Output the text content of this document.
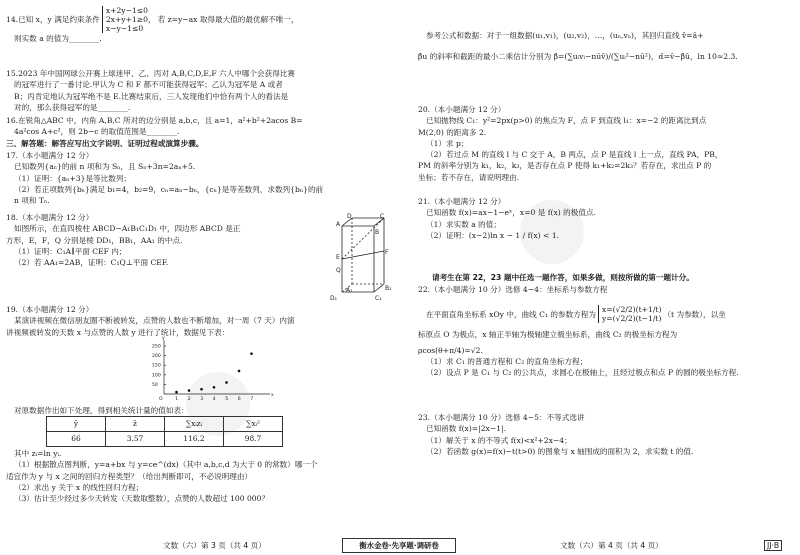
14.已知 x，y 满足约束条件
x+2y−1≤0
2x+y+1≥0，
x−y−1≤0
若 z=y−ax 取得最大值的最优解不唯一，
则实数 a 的值为________.
15.2023 年中国网球公开赛上球迷甲、乙、丙对 A,B,C,D,E,F 六人中哪个会获得比赛
的冠军进行了一番讨论.甲认为 C 和 F 都不可能获得冠军；乙认为冠军是 A 或者
B；丙肯定地认为冠军绝不是 E.比赛结束后，三人发现他们中恰有两个人的看法是
对的，那么获得冠军的是________.
16.在锐角△ABC 中，内角 A,B,C 所对的边分别是 a,b,c，且 a=1，a²+b²+2acos B=
4a²cos A+c²，则 2b−c 的取值范围是________.
三、解答题：解答应写出文字说明、证明过程或演算步骤。
17.（本小题满分 12 分）
已知数列{aₙ}的前 n 项和为 Sₙ，且 Sₙ+3n=2aₙ+5.
（1）证明：{aₙ+3}是等比数列；
（2）若正项数列{bₙ}满足 b₁=4，b₂=9，cₙ=aₙ−bₙ，{cₙ}是等差数列，求数列{bₙ}的前
n 项和 Tₙ.
18.（本小题满分 12 分）
如图所示，在直四棱柱 ABCD−A₁B₁C₁D₁ 中，四边形 ABCD 是正
方形，E，F，Q 分别是棱 DD₁，BB₁，AA₁ 的中点.
（1）证明：C₁A∥平面 CEF 内；
（2）若 AA₁=2AB，证明：C₁Q⊥平面 CEF.
C
B
D
A
E
F
Q
D₁	C₁
A₁	B₁
19.（本小题满分 12 分）
某演讲视频在微信朋友圈不断被转发，点赞的人数也不断增加，对一周（7 天）内演
讲视频被转发的天数 x 与点赞的人数 y 进行了统计，数据见下表：
250
200
150
100
50
1 2 3 4 5 6 7
O
x
y
对原数据作出如下处理，得到相关统计量的值如表：
ȳ	z̄	∑xᵢzᵢ	∑xᵢ²
66	3.57	116.2	98.7
其中 zᵢ=ln yᵢ.
（1）根据散点图判断，y=a+bx 与 y=ce^(dx)（其中 a,b,c,d 为大于 0 的常数）哪一个
适宜作为 y 与 x 之间的回归方程类型？（给出判断即可，不必说明理由）
（2）求出 y 关于 x 的线性回归方程；
（3）估计至少经过多少天转发（天数取整数），点赞的人数超过 100 000？
文数（六）第 3 页（共 4 页）	衡水金卷·先享题·调研卷	文数（六）第 4 页（共 4 页）	JJ·B
参考公式和数据：对于一组数据(u₁,v₁)，(u₂,v₂)，…，(uₙ,vₙ)，其回归直线 v̂=â+
β̂u 的斜率和截距的最小二乘估计分别为 β̂=(∑uᵢvᵢ−nūv̄)/(∑uᵢ²−nū²)，α̂=v̄−β̂ū，ln 10≈2.3.
20.（本小题满分 12 分）
已知抛物线 C₁：y²=2px(p>0) 的焦点为 F，点 F 到直线 l₁：x=−2 的距离比到点
M(2,0) 的距离多 2.
（1）求 p；
（2）若过点 M 的直线 l 与 C 交于 A，B 两点，点 P 是直线 l 上一点，直线 PA，PB，
PM 的斜率分别为 k₁，k₂，k₃，是否存在点 P 使得 k₁+k₂=2k₃？若存在，求出点 P 的
坐标；若不存在，请说明理由.
21.（本小题满分 12 分）
已知函数 f(x)=ax−1−eˣ，x=0 是 f(x) 的极值点.
（1）求实数 a 的值；
（2）证明：(x−2)ln x − 1 / f(x) < 1.
请考生在第 22，23 题中任选一题作答，如果多做，则按所做的第一题计分。
22.（本小题满分 10 分）选修 4−4：坐标系与参数方程
在平面直角坐标系 xOy 中，曲线 C₁ 的参数方程为 x=(√2/2)(t+1/t)
y=(√2/2)(t−1/t)
（t 为参数），以坐
标原点 O 为极点，x 轴正半轴为极轴建立极坐标系，曲线 C₂ 的极坐标方程为
ρcos(θ+π/4)=√2.
（1）求 C₁ 的普通方程和 C₂ 的直角坐标方程；
（2）设点 P 是 C₁ 与 C₂ 的公共点，求圆心在极轴上，且经过极点和点 P 的圆的极坐标方程.
23.（本小题满分 10 分）选修 4−5：不等式选讲
已知函数 f(x)=|2x−1|.
（1）解关于 x 的不等式 f(x)<x²+2x−4；
（2）若函数 g(x)=f(x)−t(t>0) 的图象与 x 轴围成的面积为 2，求实数 t 的值.
